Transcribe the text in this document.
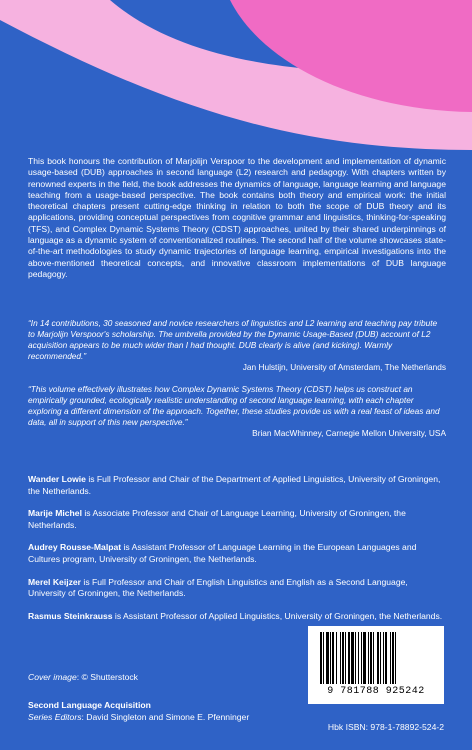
This book honours the contribution of Marjolijn Verspoor to the development and implementation of dynamic usage-based (DUB) approaches in second language (L2) research and pedagogy. With chapters written by renowned experts in the field, the book addresses the dynamics of language, language learning and language teaching from a usage-based perspective. The book contains both theory and empirical work: the initial theoretical chapters present cutting-edge thinking in relation to both the scope of DUB theory and its applications, providing conceptual perspectives from cognitive grammar and linguistics, thinking-for-speaking (TFS), and Complex Dynamic Systems Theory (CDST) approaches, united by their shared underpinnings of language as a dynamic system of conventionalized routines. The second half of the volume showcases state-of-the-art methodologies to study dynamic trajectories of language learning, empirical investigations into the above-mentioned theoretical concepts, and innovative classroom implementations of DUB language pedagogy.

“In 14 contributions, 30 seasoned and novice researchers of linguistics and L2 learning and teaching pay tribute to Marjolijn Verspoor's scholarship. The umbrella provided by the Dynamic Usage-Based (DUB) account of L2 acquisition appears to be much wider than I had thought. DUB clearly is alive (and kicking). Warmly recommended.”
Jan Hulstijn, University of Amsterdam, The Netherlands
“This volume effectively illustrates how Complex Dynamic Systems Theory (CDST) helps us construct an empirically grounded, ecologically realistic understanding of second language learning, with each chapter exploring a different dimension of the approach. Together, these studies provide us with a real feast of ideas and data, all in support of this new perspective.”
Brian MacWhinney, Carnegie Mellon University, USA

Wander Lowie is Full Professor and Chair of the Department of Applied Linguistics, University of Groningen, the Netherlands.

Marije Michel is Associate Professor and Chair of Language Learning, University of Groningen, the Netherlands.

Audrey Rousse-Malpat is Assistant Professor of Language Learning in the European Languages and Cultures program, University of Groningen, the Netherlands.

Merel Keijzer is Full Professor and Chair of English Linguistics and English as a Second Language, University of Groningen, the Netherlands.

Rasmus Steinkrauss is Assistant Professor of Applied Linguistics, University of Groningen, the Netherlands.

Cover image: © Shutterstock

Second Language Acquisition
Series Editors: David Singleton and Simone E. Pfenninger
9 781788 925242

Hbk ISBN: 978-1-78892-524-2
